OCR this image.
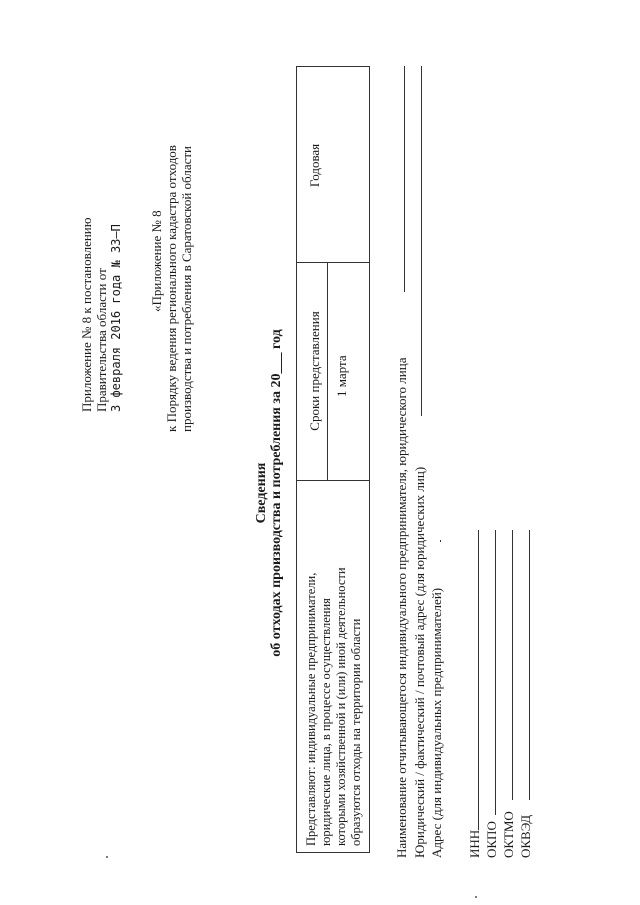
Приложение № 8 к постановлению Правительства области от 3 февраля 2016 года № 33–П «Приложение № 8 к Порядку ведения регионального кадастра отходов производства и потребления в Саратовской области
Сведения об отходах производства и потребления за 20___ год
Представляют: индивидуальные предприниматели, юридические лица, в процессе осуществления которыми хозяйственной и (или) иной деятельности образуются отходы на территории области
Сроки представления 1 марта
Годовая
Наименование отчитывающегося индивидуального предпринимателя, юридического лица Юридический / фактический / почтовый адрес (для юридических лиц) Адрес (для индивидуальных предпринимателей) ИНН ОКПО ОКТМО ОКВЭД
